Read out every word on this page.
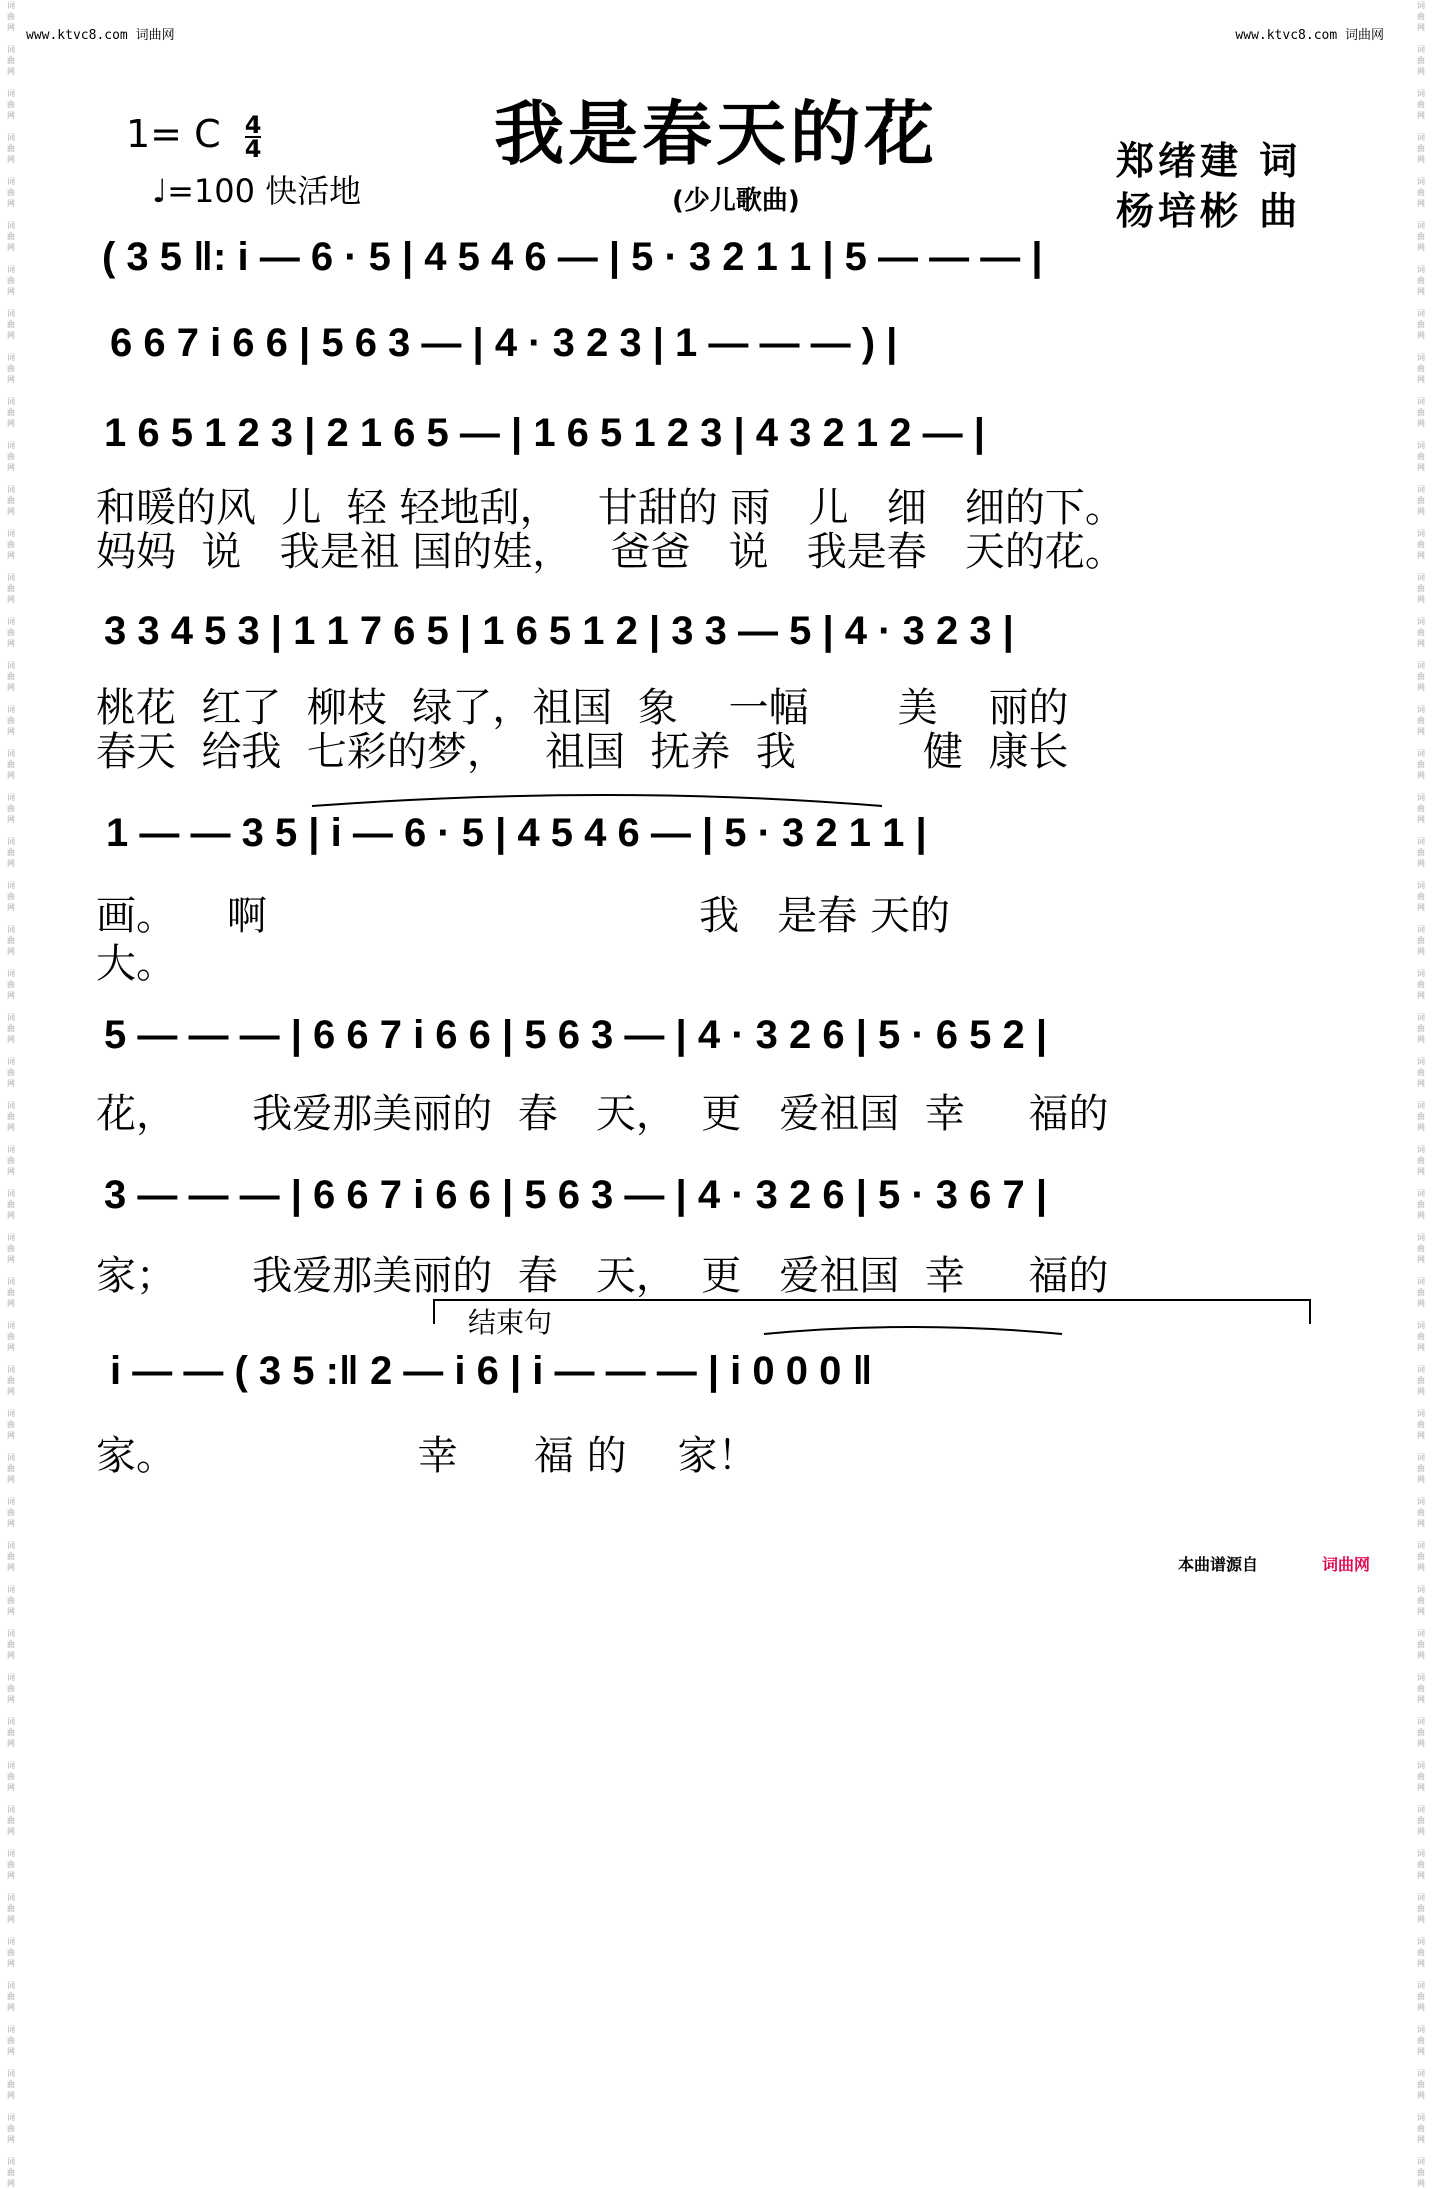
词
曲
网

词
曲
网

词
曲
网

词
曲
网

词
曲
网

词
曲
网

词
曲
网

词
曲
网

词
曲
网

词
曲
网

词
曲
网

词
曲
网

词
曲
网

词
曲
网

词
曲
网

词
曲
网

词
曲
网

词
曲
网

词
曲
网

词
曲
网

词
曲
网

词
曲
网

词
曲
网

词
曲
网

词
曲
网

词
曲
网

词
曲
网

词
曲
网

词
曲
网

词
曲
网

词
曲
网

词
曲
网

词
曲
网

词
曲
网

词
曲
网

词
曲
网

词
曲
网

词
曲
网

词
曲
网

词
曲
网

词
曲
网

词
曲
网

词
曲
网

词
曲
网

词
曲
网

词
曲
网

词
曲
网

词
曲
网

词
曲
网

词
曲
网

词
曲
网

词
曲
网

词
曲
网

词
曲
网

词
曲
网

词
曲
网

词
曲
网

词
曲
网

词
曲
网

词
曲
网

词
曲
网

词
曲
网

词
曲
网

词
曲
网

词
曲
网

词
曲
网

词
曲
网

词
曲
网

词
曲
网

词
曲
网

词
曲
网

词
曲
网

词
曲
网

词
曲
网

词
曲
网

词
曲
网

词
曲
网

词
曲
网

词
曲
网

词
曲
网

词
曲
网

词
曲
网

词
曲
网

词
曲
网

词
曲
网

词
曲
网

词
曲
网

词
曲
网

词
曲
网

词
曲
网

词
曲
网

词
曲
网

词
曲
网

词
曲
网

词
曲
网

词
曲
网

词
曲
网

词
曲
网

词
曲
网

词
曲
网

www.ktvc8.com 词曲网	www.ktvc8.com 词曲网
我是春天的花
(少儿歌曲)
1= C $\frac{4}{4}$
♩=100 快活地
郑绪建 词
杨培彬 曲
( 3 5 ‖: i — 6 · 5 | 4 5 4 6 — | 5 · 3 2 1 1 | 5 — — — |
6 6 7 i 6 6 | 5 6 3 — | 4 · 3 2 3 | 1 — — — ) |
1 6 5 1 2 3 | 2 1 6 5 — | 1 6 5 1 2 3 | 4 3 2 1 2 — |
和暖的风  儿  轻 轻地刮，   甘甜的 雨   儿   细   细的下。
妈妈  说   我是祖 国的娃，   爸爸   说   我是春   天的花。
3 3 4 5 3 | 1 1 7 6 5 | 1 6 5 1 2 | 3 3 — 5 | 4 · 3 2 3 |
桃花  红了  柳枝  绿了，祖国  象    一幅       美    丽的
春天  给我  七彩的梦，   祖国  抚养  我          健  康长
1 — — 3 5 | i — 6 · 5 | 4 5 4 6 — | 5 · 3 2 1 1 |
画。    啊                                  我   是春 天的
大。
5 — — — | 6 6 7 i 6 6 | 5 6 3 — | 4 · 3 2 6 | 5 · 6 5 2 |
花，      我爱那美丽的  春   天，  更   爱祖国  幸     福的
3 — — — | 6 6 7 i 6 6 | 5 6 3 — | 4 · 3 2 6 | 5 · 3 6 7 |
家；      我爱那美丽的  春   天，  更   爱祖国  幸     福的
结束句
i — — ( 3 5 :‖ 2 — i 6 | i — — — | i 0 0 0 ‖
家。                   幸      福 的    家！
本曲谱源自	词曲网
